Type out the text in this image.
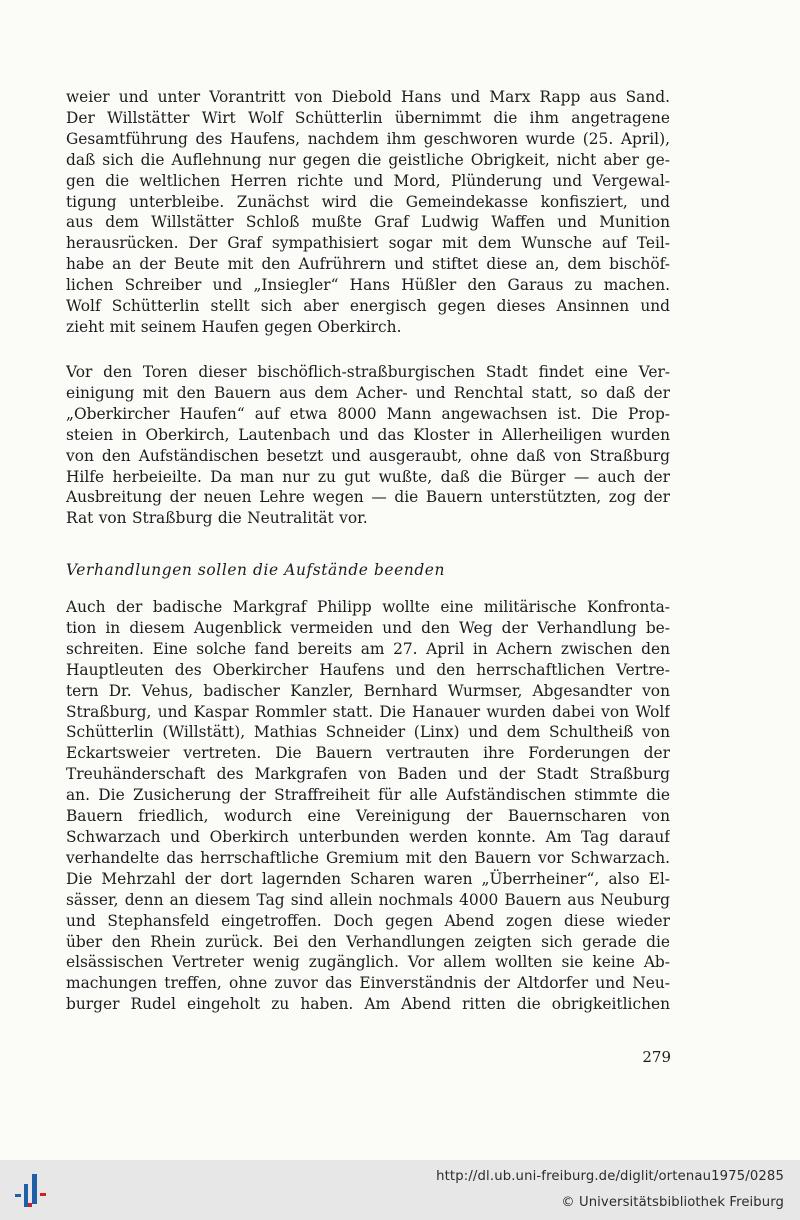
weier und unter Vorantritt von Diebold Hans und Marx Rapp aus Sand.
Der Willstätter Wirt Wolf Schütterlin übernimmt die ihm angetragene
Gesamtführung des Haufens, nachdem ihm geschworen wurde (25. April),
daß sich die Auflehnung nur gegen die geistliche Obrigkeit, nicht aber ge-
gen die weltlichen Herren richte und Mord, Plünderung und Vergewal-
tigung unterbleibe. Zunächst wird die Gemeindekasse konfisziert, und
aus dem Willstätter Schloß mußte Graf Ludwig Waffen und Munition
herausrücken. Der Graf sympathisiert sogar mit dem Wunsche auf Teil-
habe an der Beute mit den Aufrührern und stiftet diese an, dem bischöf-
lichen Schreiber und „Insiegler“ Hans Hüßler den Garaus zu machen.
Wolf Schütterlin stellt sich aber energisch gegen dieses Ansinnen und
zieht mit seinem Haufen gegen Oberkirch.
Vor den Toren dieser bischöflich-straßburgischen Stadt findet eine Ver-
einigung mit den Bauern aus dem Acher- und Renchtal statt, so daß der
„Oberkircher Haufen“ auf etwa 8000 Mann angewachsen ist. Die Prop-
steien in Oberkirch, Lautenbach und das Kloster in Allerheiligen wurden
von den Aufständischen besetzt und ausgeraubt, ohne daß von Straßburg
Hilfe herbeieilte. Da man nur zu gut wußte, daß die Bürger — auch der
Ausbreitung der neuen Lehre wegen — die Bauern unterstützten, zog der
Rat von Straßburg die Neutralität vor.
Verhandlungen sollen die Aufstände beenden
Auch der badische Markgraf Philipp wollte eine militärische Konfronta-
tion in diesem Augenblick vermeiden und den Weg der Verhandlung be-
schreiten. Eine solche fand bereits am 27. April in Achern zwischen den
Hauptleuten des Oberkircher Haufens und den herrschaftlichen Vertre-
tern Dr. Vehus, badischer Kanzler, Bernhard Wurmser, Abgesandter von
Straßburg, und Kaspar Rommler statt. Die Hanauer wurden dabei von Wolf
Schütterlin (Willstätt), Mathias Schneider (Linx) und dem Schultheiß von
Eckartsweier vertreten. Die Bauern vertrauten ihre Forderungen der
Treuhänderschaft des Markgrafen von Baden und der Stadt Straßburg
an. Die Zusicherung der Straffreiheit für alle Aufständischen stimmte die
Bauern friedlich, wodurch eine Vereinigung der Bauernscharen von
Schwarzach und Oberkirch unterbunden werden konnte. Am Tag darauf
verhandelte das herrschaftliche Gremium mit den Bauern vor Schwarzach.
Die Mehrzahl der dort lagernden Scharen waren „Überrheiner“, also El-
sässer, denn an diesem Tag sind allein nochmals 4000 Bauern aus Neuburg
und Stephansfeld eingetroffen. Doch gegen Abend zogen diese wieder
über den Rhein zurück. Bei den Verhandlungen zeigten sich gerade die
elsässischen Vertreter wenig zugänglich. Vor allem wollten sie keine Ab-
machungen treffen, ohne zuvor das Einverständnis der Altdorfer und Neu-
burger Rudel eingeholt zu haben. Am Abend ritten die obrigkeitlichen
279
http://dl.ub.uni-freiburg.de/diglit/ortenau1975/0285
© Universitätsbibliothek Freiburg
